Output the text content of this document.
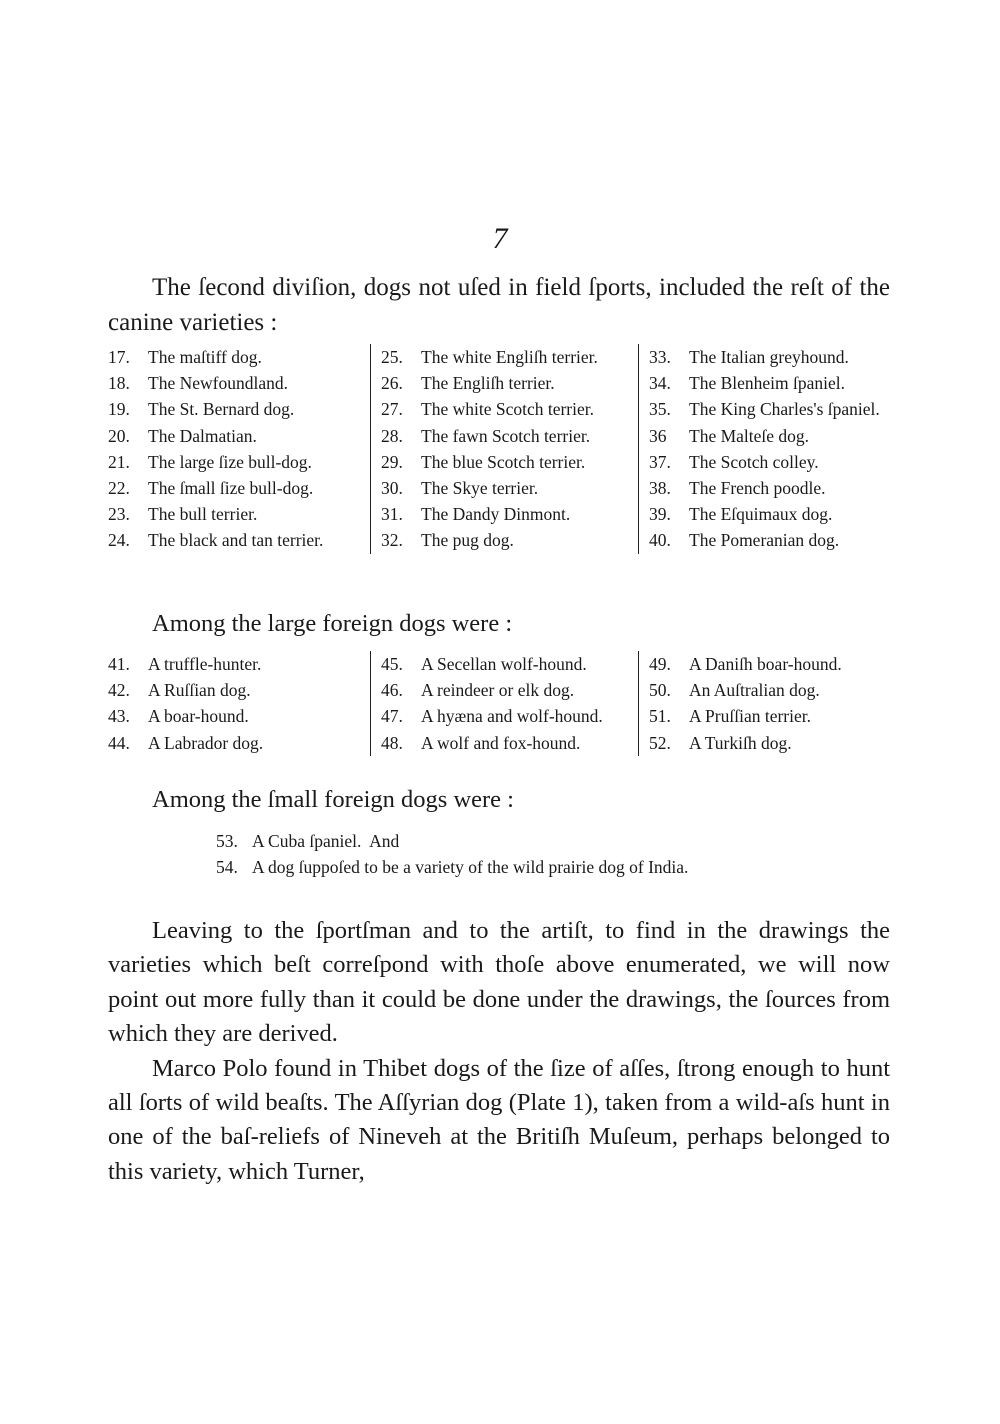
7

The ſecond diviſion, dogs not uſed in field ſports, included the reſt of the canine varieties :

17.	The maſtiff dog.
18.	The Newfoundland.
19.	The St. Bernard dog.
20.	The Dalmatian.
21.	The large ſize bull-dog.
22.	The ſmall ſize bull-dog.
23.	The bull terrier.
24.	The black and tan terrier.
25.	The white Engliſh terrier.
26.	The Engliſh terrier.
27.	The white Scotch terrier.
28.	The fawn Scotch terrier.
29.	The blue Scotch terrier.
30.	The Skye terrier.
31.	The Dandy Dinmont.
32.	The pug dog.
33.	The Italian greyhound.
34.	The Blenheim ſpaniel.
35.	The King Charles's ſpaniel.
36	The Malteſe dog.
37.	The Scotch colley.
38.	The French poodle.
39.	The Eſquimaux dog.
40.	The Pomeranian dog.
Among the large foreign dogs were :
41.	A truffle-hunter.
42.	A Ruſſian dog.
43.	A boar-hound.
44.	A Labrador dog.
45.	A Secellan wolf-hound.
46.	A reindeer or elk dog.
47.	A hyæna and wolf-hound.
48.	A wolf and fox-hound.
49.	A Daniſh boar-hound.
50.	An Auſtralian dog.
51.	A Pruſſian terrier.
52.	A Turkiſh dog.
Among the ſmall foreign dogs were :
53. A Cuba ſpaniel.  And
54. A dog ſuppoſed to be a variety of the wild prairie dog of India.

Leaving to the ſportſman and to the artiſt, to find in the drawings the varieties which beſt correſpond with thoſe above enumerated, we will now point out more fully than it could be done under the drawings, the ſources from which they are derived.

Marco Polo found in Thibet dogs of the ſize of aſſes, ſtrong enough to hunt all ſorts of wild beaſts. The Aſſyrian dog (Plate 1), taken from a wild-aſs hunt in one of the baſ-reliefs of Nineveh at the Britiſh Muſeum, perhaps belonged to this variety, which Turner,
